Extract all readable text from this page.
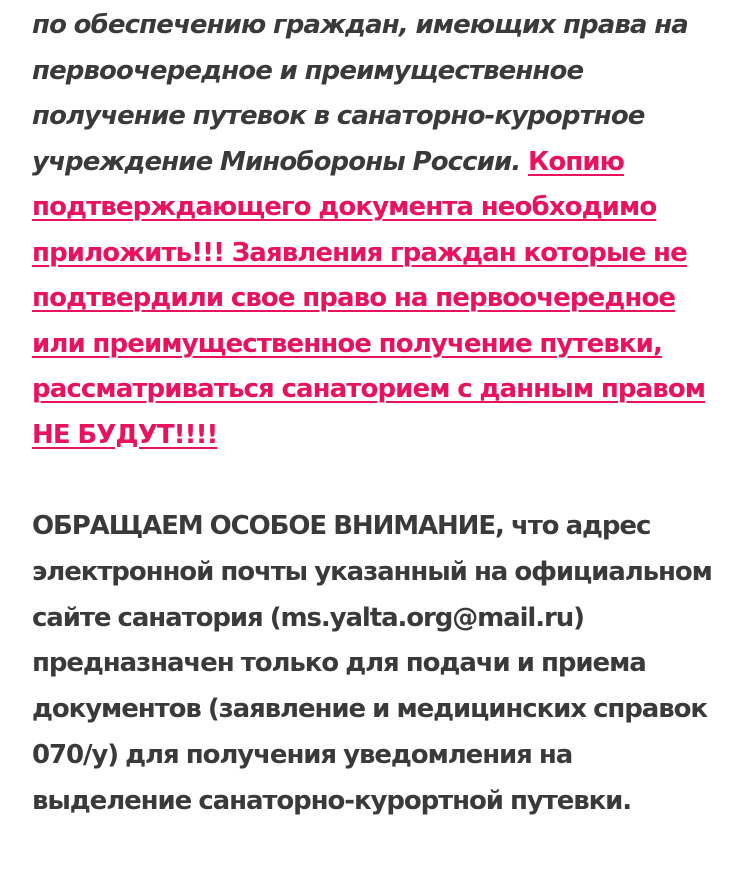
по обеспечению граждан, имеющих права на первоочередное и преимущественное получение путевок в санаторно-курортное учреждение Минобороны России. Копию подтверждающего документа необходимо приложить!!! Заявления граждан которые не подтвердили свое право на первоочередное или преимущественное получение путевки, рассматриваться санаторием с данным правом НЕ БУДУТ!!!!

ОБРАЩАЕМ ОСОБОЕ ВНИМАНИЕ, что адрес электронной почты указанный на официальном сайте санатория (ms.yalta.org@mail.ru) предназначен только для подачи и приема документов (заявление и медицинских справок 070/у) для получения уведомления на выделение санаторно-курортной путевки.
